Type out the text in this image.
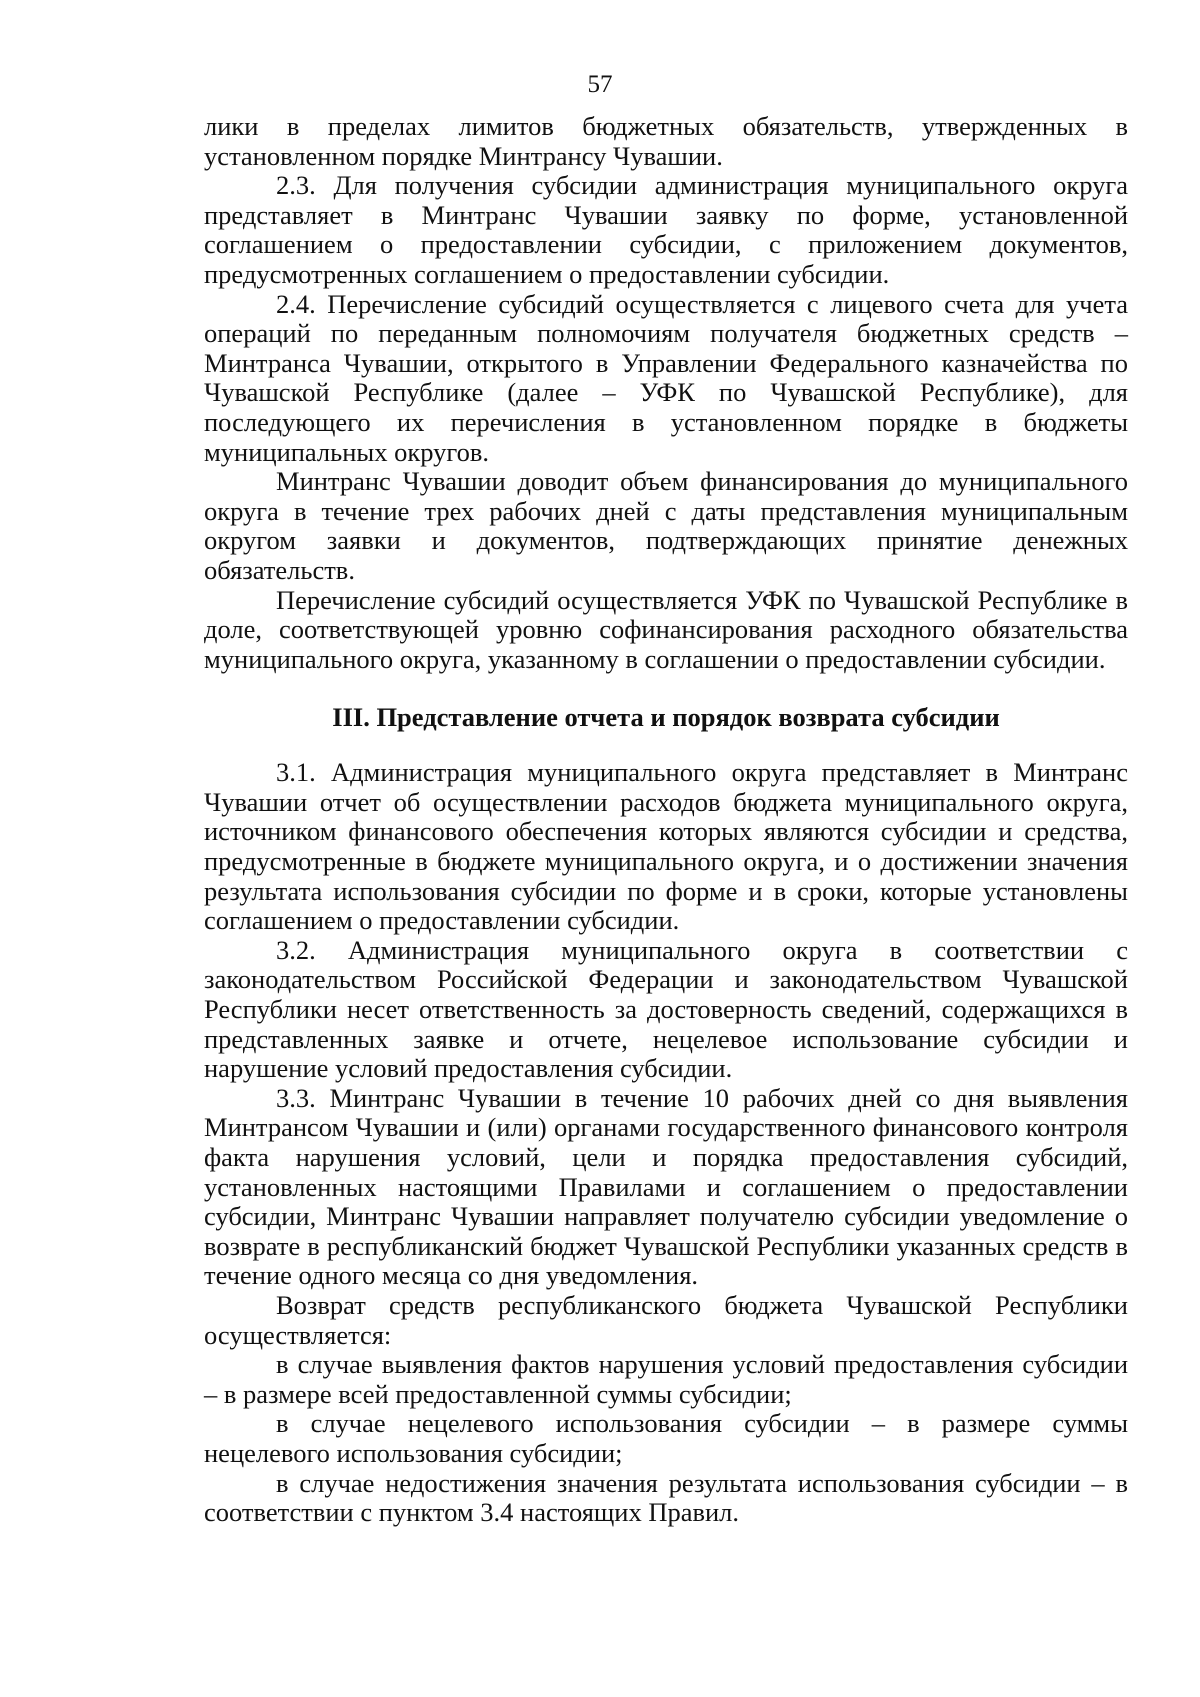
57

лики в пределах лимитов бюджетных обязательств, утвержденных в установленном порядке Минтрансу Чувашии.

2.3. Для получения субсидии администрация муниципального округа представляет в Минтранс Чувашии заявку по форме, установленной соглашением о предоставлении субсидии, с приложением документов, предусмотренных соглашением о предоставлении субсидии.

2.4. Перечисление субсидий осуществляется с лицевого счета для учета операций по переданным полномочиям получателя бюджетных средств – Минтранса Чувашии, открытого в Управлении Федерального казначейства по Чувашской Республике (далее – УФК по Чувашской Республике), для последующего их перечисления в установленном порядке в бюджеты муниципальных округов.

Минтранс Чувашии доводит объем финансирования до муниципального округа в течение трех рабочих дней с даты представления муниципальным округом заявки и документов, подтверждающих принятие денежных обязательств.

Перечисление субсидий осуществляется УФК по Чувашской Республике в доле, соответствующей уровню софинансирования расходного обязательства муниципального округа, указанному в соглашении о предоставлении субсидии.

III. Представление отчета и порядок возврата субсидии

3.1. Администрация муниципального округа представляет в Минтранс Чувашии отчет об осуществлении расходов бюджета муниципального округа, источником финансового обеспечения которых являются субсидии и средства, предусмотренные в бюджете муниципального округа, и о достижении значения результата использования субсидии по форме и в сроки, которые установлены соглашением о предоставлении субсидии.

3.2. Администрация муниципального округа в соответствии с законодательством Российской Федерации и законодательством Чувашской Республики несет ответственность за достоверность сведений, содержащихся в представленных заявке и отчете, нецелевое использование субсидии и нарушение условий предоставления субсидии.

3.3. Минтранс Чувашии в течение 10 рабочих дней со дня выявления Минтрансом Чувашии и (или) органами государственного финансового контроля факта нарушения условий, цели и порядка предоставления субсидий, установленных настоящими Правилами и соглашением о предоставлении субсидии, Минтранс Чувашии направляет получателю субсидии уведомление о возврате в республиканский бюджет Чувашской Республики указанных средств в течение одного месяца со дня уведомления.

Возврат средств республиканского бюджета Чувашской Республики осуществляется:

в случае выявления фактов нарушения условий предоставления субсидии – в размере всей предоставленной суммы субсидии;

в случае нецелевого использования субсидии – в размере суммы нецелевого использования субсидии;

в случае недостижения значения результата использования субсидии – в соответствии с пунктом 3.4 настоящих Правил.
